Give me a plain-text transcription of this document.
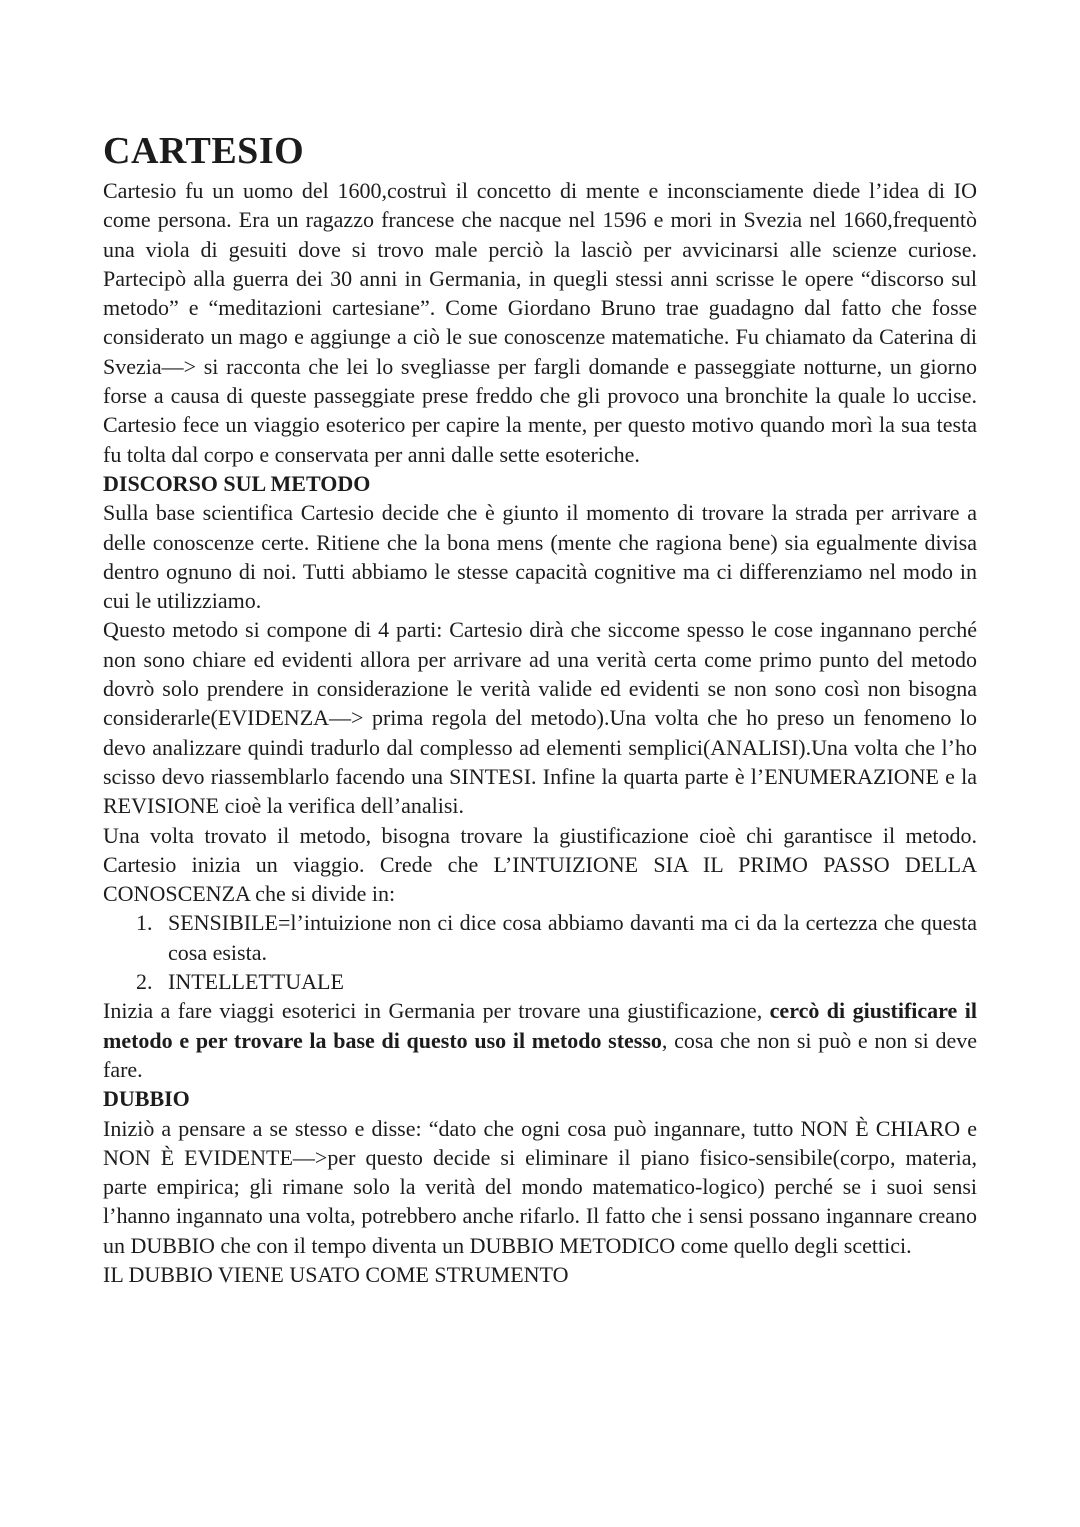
CARTESIO

Cartesio fu un uomo del 1600,costruì il concetto di mente e inconsciamente diede l’idea di IO come persona. Era un ragazzo francese che nacque nel 1596 e mori in Svezia nel 1660,frequentò una viola di gesuiti dove si trovo male perciò la lasciò per avvicinarsi alle scienze curiose. Partecipò alla guerra dei 30 anni in Germania, in quegli stessi anni scrisse le opere “discorso sul metodo” e “meditazioni cartesiane”. Come Giordano Bruno trae guadagno dal fatto che fosse considerato un mago e aggiunge a ciò le sue conoscenze matematiche. Fu chiamato da Caterina di Svezia—> si racconta che lei lo svegliasse per fargli domande e passeggiate notturne, un giorno forse a causa di queste passeggiate prese freddo che gli provoco una bronchite la quale lo uccise. Cartesio fece un viaggio esoterico per capire la mente, per questo motivo quando morì la sua testa fu tolta dal corpo e conservata per anni dalle sette esoteriche.

DISCORSO SUL METODO

Sulla base scientifica Cartesio decide che è giunto il momento di trovare la strada per arrivare a delle conoscenze certe. Ritiene che la bona mens (mente che ragiona bene) sia egualmente divisa dentro ognuno di noi. Tutti abbiamo le stesse capacità cognitive ma ci differenziamo nel modo in cui le utilizziamo.

Questo metodo si compone di 4 parti: Cartesio dirà che siccome spesso le cose ingannano perché non sono chiare ed evidenti allora per arrivare ad una verità certa come primo punto del metodo dovrò solo prendere in considerazione le verità valide ed evidenti se non sono così non bisogna considerarle(EVIDENZA—> prima regola del metodo).Una volta che ho preso un fenomeno lo devo analizzare quindi tradurlo dal complesso ad elementi semplici(ANALISI).Una volta che l’ho scisso devo riassemblarlo facendo una SINTESI. Infine la quarta parte è l’ENUMERAZIONE e la REVISIONE cioè la verifica dell’analisi.

Una volta trovato il metodo, bisogna trovare la giustificazione cioè chi garantisce il metodo. Cartesio inizia un viaggio. Crede che L’INTUIZIONE SIA IL PRIMO PASSO DELLA CONOSCENZA che si divide in:

1. SENSIBILE=l’intuizione non ci dice cosa abbiamo davanti ma ci da la certezza che questa cosa esista.
2. INTELLETTUALE

Inizia a fare viaggi esoterici in Germania per trovare una giustificazione, cercò di giustificare il metodo e per trovare la base di questo uso il metodo stesso, cosa che non si può e non si deve fare.

DUBBIO

Iniziò a pensare a se stesso e disse: “dato che ogni cosa può ingannare, tutto NON È CHIARO e NON È EVIDENTE—>per questo decide si eliminare il piano fisico-sensibile(corpo, materia, parte empirica; gli rimane solo la verità del mondo matematico-logico) perché se i suoi sensi l’hanno ingannato una volta, potrebbero anche rifarlo. Il fatto che i sensi possano ingannare creano un DUBBIO che con il tempo diventa un DUBBIO METODICO come quello degli scettici.

IL DUBBIO VIENE USATO COME STRUMENTO
